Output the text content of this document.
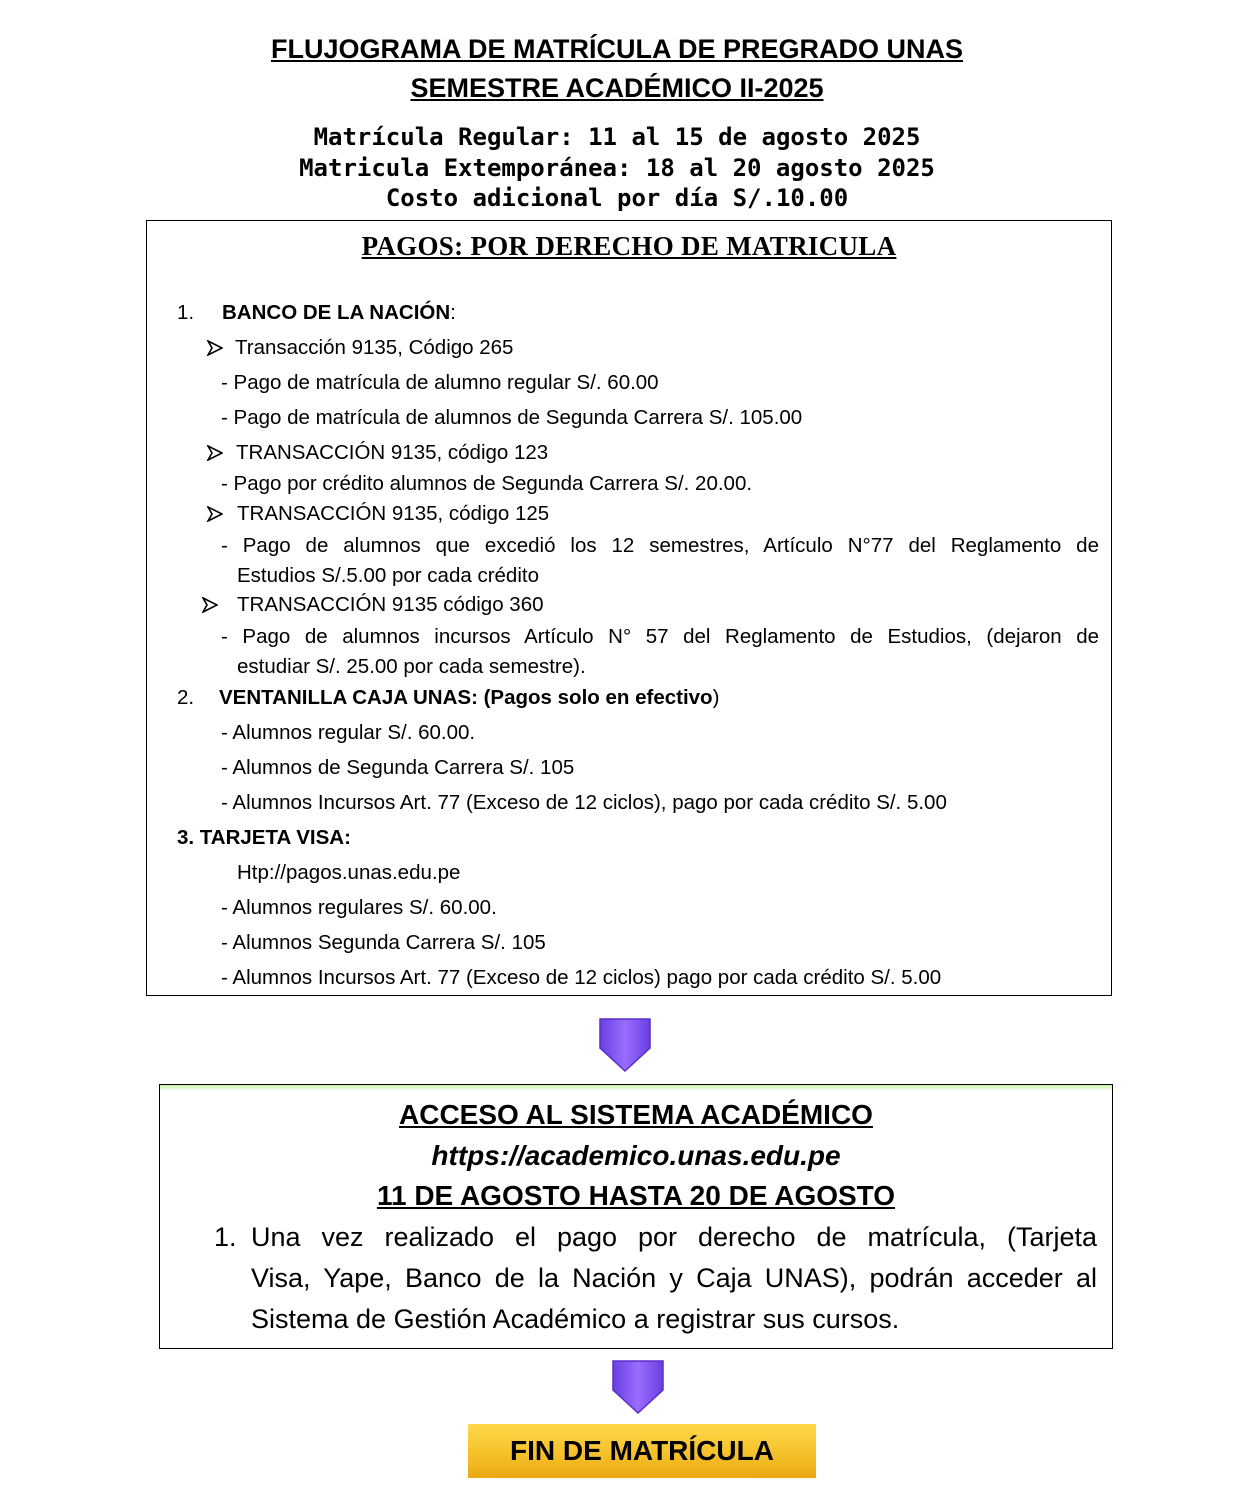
FLUJOGRAMA DE MATRÍCULA DE PREGRADO UNAS
SEMESTRE ACADÉMICO II-2025
Matrícula Regular: 11 al 15 de agosto 2025
Matricula Extemporánea: 18 al 20 agosto 2025
Costo adicional por día S/.10.00
PAGOS: POR DERECHO DE MATRICULA
1. BANCO DE LA NACIÓN:
Transacción 9135, Código 265
- Pago de matrícula de alumno regular S/. 60.00
- Pago de matrícula de alumnos de Segunda Carrera S/. 105.00
TRANSACCIÓN 9135, código 123
- Pago por crédito alumnos de Segunda Carrera S/. 20.00.
TRANSACCIÓN 9135, código 125
- Pago de alumnos que excedió los 12 semestres, Artículo N°77 del Reglamento de
Estudios S/.5.00 por cada crédito
TRANSACCIÓN 9135 código 360
- Pago de alumnos incursos Artículo N° 57 del Reglamento de Estudios, (dejaron de
estudiar S/. 25.00 por cada semestre).
2. VENTANILLA CAJA UNAS: (Pagos solo en efectivo)
- Alumnos regular S/. 60.00.
- Alumnos de Segunda Carrera S/. 105
- Alumnos Incursos Art. 77 (Exceso de 12 ciclos), pago por cada crédito S/. 5.00
3. TARJETA VISA:
Htp://pagos.unas.edu.pe
- Alumnos regulares S/. 60.00.
- Alumnos Segunda Carrera S/. 105
- Alumnos Incursos Art. 77 (Exceso de 12 ciclos) pago por cada crédito S/. 5.00
ACCESO AL SISTEMA ACADÉMICO
https://academico.unas.edu.pe
11 DE AGOSTO HASTA 20 DE AGOSTO
1. Una vez realizado el pago por derecho de matrícula, (Tarjeta
Visa, Yape, Banco de la Nación y Caja UNAS), podrán acceder al
Sistema de Gestión Académico a registrar sus cursos.
FIN DE MATRÍCULA
